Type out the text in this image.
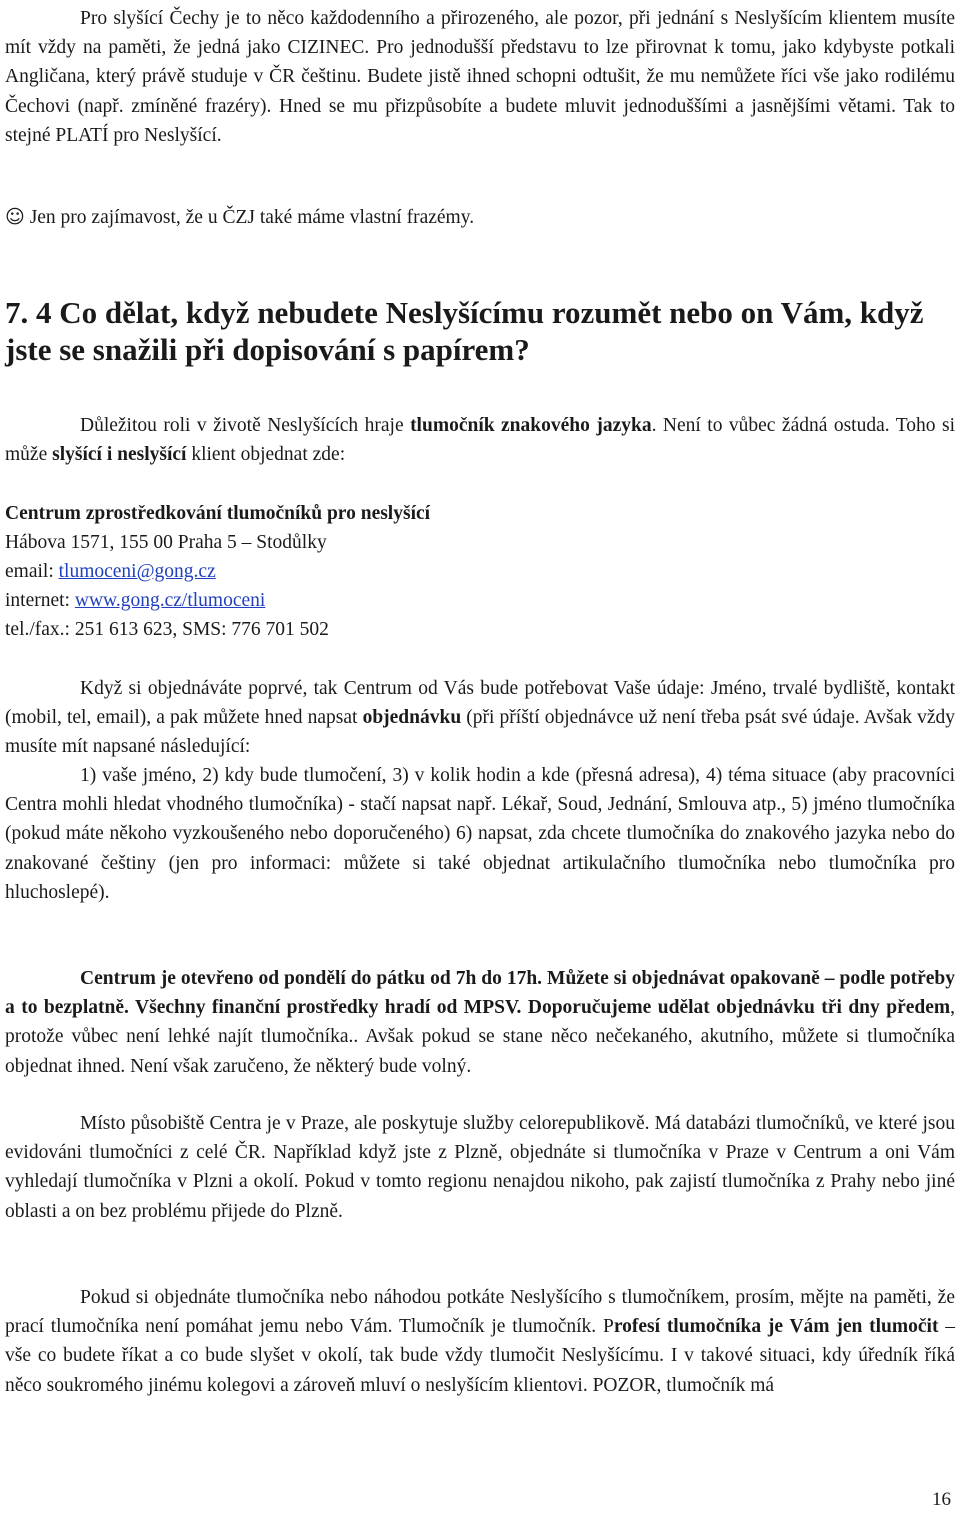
Pro slyšící Čechy je to něco každodenního a přirozeného, ale pozor, při jednání s Neslyšícím klientem musíte mít vždy na paměti, že jedná jako CIZINEC. Pro jednodušší představu to lze přirovnat k tomu, jako kdybyste potkali Angličana, který právě studuje v ČR češtinu. Budete jistě ihned schopni odtušit, že mu nemůžete říci vše jako rodilému Čechovi (např. zmíněné frazéry). Hned se mu přizpůsobíte a budete mluvit jednoduššími a jasnějšími větami. Tak to stejné PLATÍ pro Neslyšící.

☺ Jen pro zajímavost, že u ČZJ také máme vlastní frazémy.

7. 4 Co dělat, když nebudete Neslyšícímu rozumět nebo on Vám, když jste se snažili při dopisování s papírem?

Důležitou roli v životě Neslyšících hraje tlumočník znakového jazyka. Není to vůbec žádná ostuda. Toho si může slyšící i neslyšící klient objednat zde:

Centrum zprostředkování tlumočníků pro neslyšící

Hábova 1571, 155 00 Praha 5 – Stodůlky

email: tlumoceni@gong.cz

internet: www.gong.cz/tlumoceni

tel./fax.: 251 613 623, SMS: 776 701 502

Když si objednáváte poprvé, tak Centrum od Vás bude potřebovat Vaše údaje: Jméno, trvalé bydliště, kontakt (mobil, tel, email), a pak můžete hned napsat objednávku (při příští objednávce už není třeba psát své údaje. Avšak vždy musíte mít napsané následující:

1) vaše jméno, 2) kdy bude tlumočení, 3) v kolik hodin a kde (přesná adresa), 4) téma situace (aby pracovníci Centra mohli hledat vhodného tlumočníka) - stačí napsat např. Lékař, Soud, Jednání, Smlouva atp., 5) jméno tlumočníka (pokud máte někoho vyzkoušeného nebo doporučeného) 6) napsat, zda chcete tlumočníka do znakového jazyka nebo do znakované češtiny (jen pro informaci: můžete si také objednat artikulačního tlumočníka nebo tlumočníka pro hluchoslepé).

Centrum je otevřeno od pondělí do pátku od 7h do 17h. Můžete si objednávat opakovaně – podle potřeby a to bezplatně. Všechny finanční prostředky hradí od MPSV. Doporučujeme udělat objednávku tři dny předem, protože vůbec není lehké najít tlumočníka.. Avšak pokud se stane něco nečekaného, akutního, můžete si tlumočníka objednat ihned. Není však zaručeno, že některý bude volný.

Místo působiště Centra je v Praze, ale poskytuje služby celorepublikově. Má databázi tlumočníků, ve které jsou evidováni tlumočníci z celé ČR. Například když jste z Plzně, objednáte si tlumočníka v Praze v Centrum a oni Vám vyhledají tlumočníka v Plzni a okolí. Pokud v tomto regionu nenajdou nikoho, pak zajistí tlumočníka z Prahy nebo jiné oblasti a on bez problému přijede do Plzně.

Pokud si objednáte tlumočníka nebo náhodou potkáte Neslyšícího s tlumočníkem, prosím, mějte na paměti, že prací tlumočníka není pomáhat jemu nebo Vám. Tlumočník je tlumočník. Profesí tlumočníka je Vám jen tlumočit – vše co budete říkat a co bude slyšet v okolí, tak bude vždy tlumočit Neslyšícímu. I v takové situaci, kdy úředník říká něco soukromého jinému kolegovi a zároveň mluví o neslyšícím klientovi. POZOR, tlumočník má

16
